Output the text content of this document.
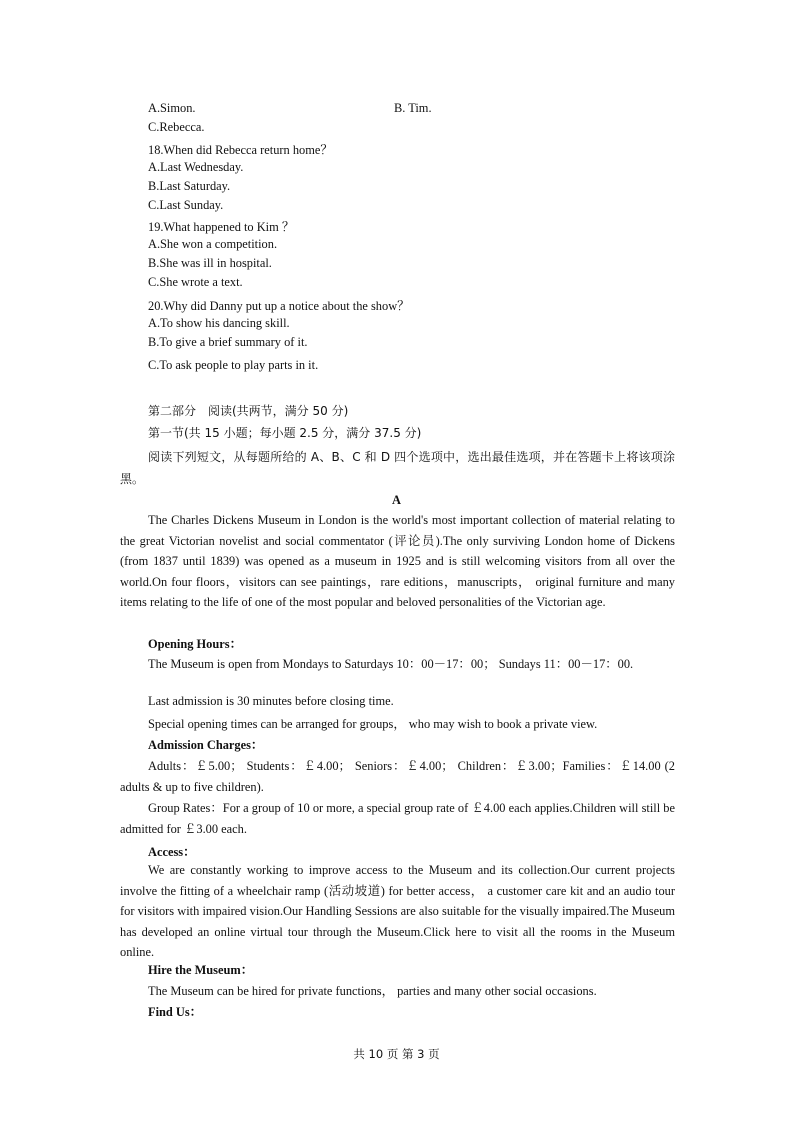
A.Simon.	B. Tim.
C.Rebecca.
18.When did Rebecca return home？
A.Last Wednesday.
B.Last Saturday.
C.Last Sunday.
19.What happened to Kim ？
A.She won a competition.
B.She was ill in hospital.
C.She wrote a text.
20.Why did Danny put up a notice about the show？
A.To show his dancing skill.
B.To give a brief summary of it.
C.To ask people to play parts in it.
第二部分　阅读(共两节，满分 50 分)
第一节(共 15 小题；每小题 2.5 分，满分 37.5 分)
阅读下列短文，从每题所给的 A、B、C 和 D 四个选项中，选出最佳选项，并在答题卡上将该项涂黑。
A
The Charles Dickens Museum in London is the world's most important collection of material relating to the great Victorian novelist and social commentator (评论员).The only surviving London home of Dickens (from 1837 until 1839) was opened as a museum in 1925 and is still welcoming visitors from all over the world.On four floors，visitors can see paintings，rare editions，manuscripts， original furniture and many items relating to the life of one of the most popular and beloved personalities of the Victorian age.
Opening Hours：
The Museum is open from Mondays to Saturdays 10：00－17：00； Sundays 11：00－17：00.
Last admission is 30 minutes before closing time.
Special opening times can be arranged for groups， who may wish to book a private view.
Admission Charges：
Adults：￡5.00； Students：￡4.00； Seniors：￡4.00； Children：￡3.00；Families：￡14.00 (2 adults & up to five children).
Group Rates：For a group of 10 or more, a special group rate of ￡4.00 each applies.Children will still be admitted for ￡3.00 each.
Access：
We are constantly working to improve access to the Museum and its collection.Our current projects involve the fitting of a wheelchair ramp (活动坡道) for better access， a customer care kit and an audio tour for visitors with impaired vision.Our Handling Sessions are also suitable for the visually impaired.The Museum has developed an online virtual tour through the Museum.Click here to visit all the rooms in the Museum online.
Hire the Museum：
The Museum can be hired for private functions， parties and many other social occasions.
Find Us：
共 10 页 第 3 页
